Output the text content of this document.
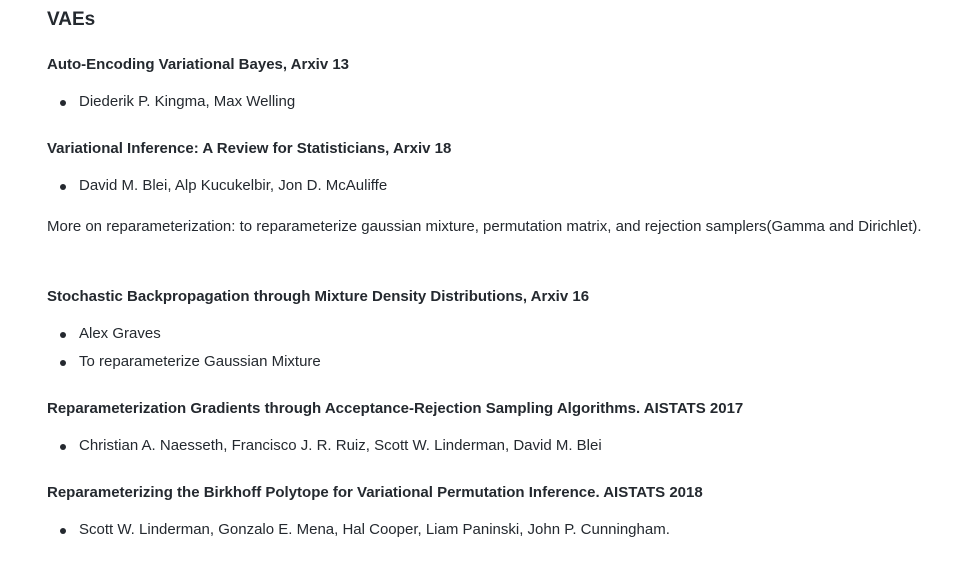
VAEs

Auto-Encoding Variational Bayes, Arxiv 13

Diederik P. Kingma, Max Welling

Variational Inference: A Review for Statisticians, Arxiv 18

David M. Blei, Alp Kucukelbir, Jon D. McAuliffe

More on reparameterization: to reparameterize gaussian mixture, permutation matrix, and rejection samplers(Gamma and Dirichlet).

Stochastic Backpropagation through Mixture Density Distributions, Arxiv 16

Alex Graves
To reparameterize Gaussian Mixture

Reparameterization Gradients through Acceptance-Rejection Sampling Algorithms. AISTATS 2017

Christian A. Naesseth, Francisco J. R. Ruiz, Scott W. Linderman, David M. Blei

Reparameterizing the Birkhoff Polytope for Variational Permutation Inference. AISTATS 2018

Scott W. Linderman, Gonzalo E. Mena, Hal Cooper, Liam Paninski, John P. Cunningham.
